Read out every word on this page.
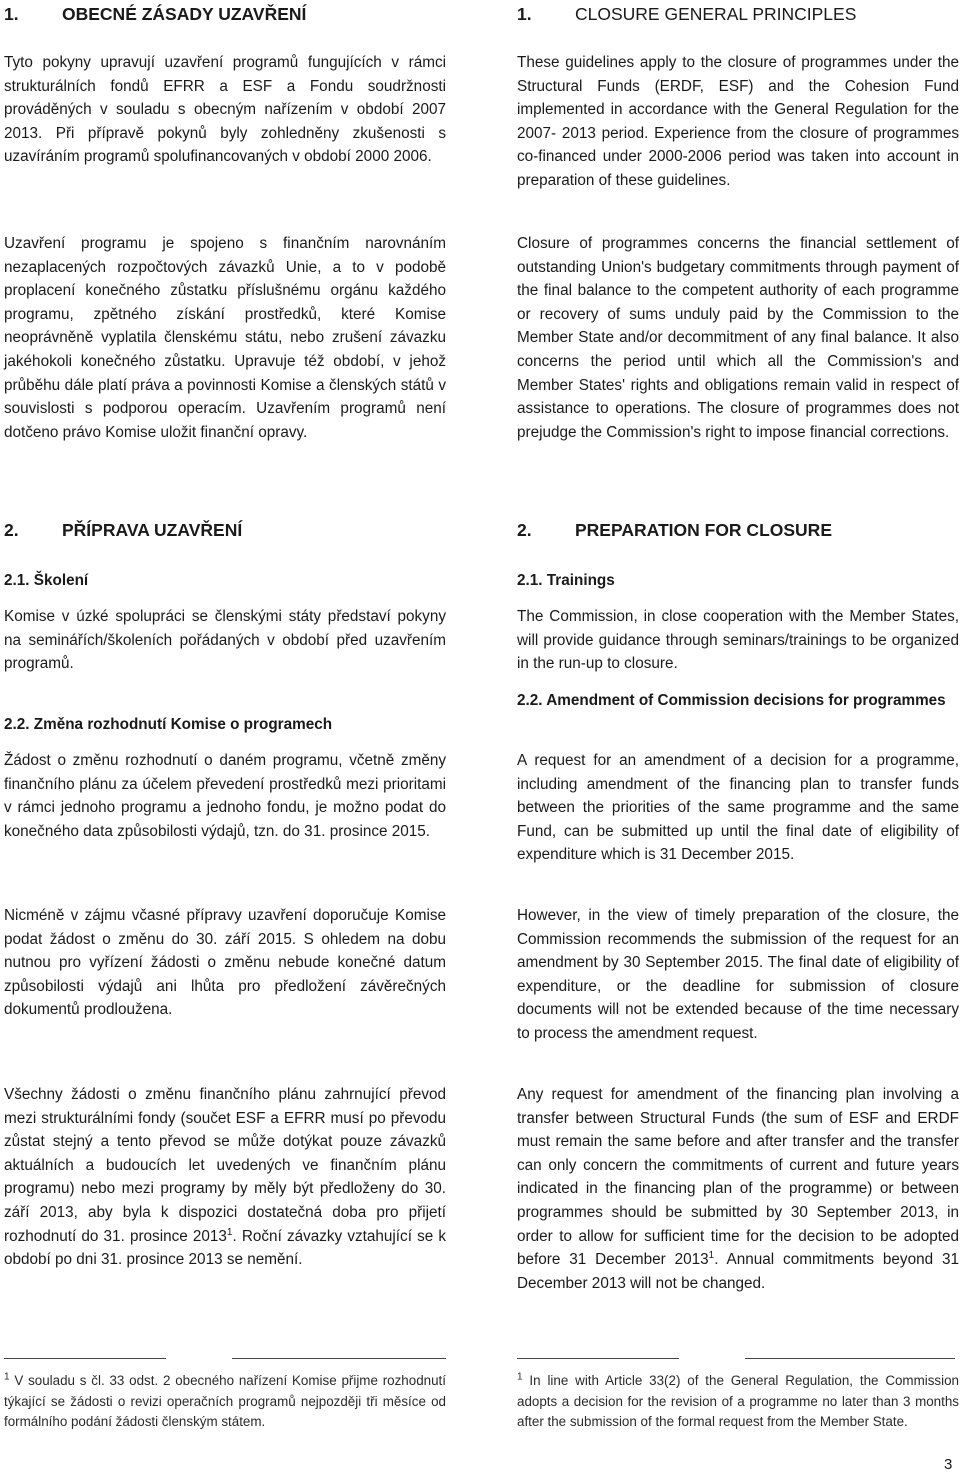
1.	OBECNÉ ZÁSADY UZAVŘENÍ

Tyto pokyny upravují uzavření programů fungujících v rámci strukturálních fondů EFRR a ESF a Fondu soudržnosti prováděných v souladu s obecným nařízením v období 2007 2013. Při přípravě pokynů byly zohledněny zkušenosti s uzavíráním programů spolufinancovaných v období 2000 2006.

Uzavření programu je spojeno s finančním narovnáním nezaplacených rozpočtových závazků Unie, a to v podobě proplacení konečného zůstatku příslušnému orgánu každého programu, zpětného získání prostředků, které Komise neoprávněně vyplatila členskému státu, nebo zrušení závazku jakéhokoli konečného zůstatku. Upravuje též období, v jehož průběhu dále platí práva a povinnosti Komise a členských států v souvislosti s podporou operacím. Uzavřením programů není dotčeno právo Komise uložit finanční opravy.

2.	PŘÍPRAVA UZAVŘENÍ
2.1. Školení

Komise v úzké spolupráci se členskými státy představí pokyny na seminářích/školeních pořádaných v období před uzavřením programů.

2.2. Změna rozhodnutí Komise o programech

Žádost o změnu rozhodnutí o daném programu, včetně změny finančního plánu za účelem převedení prostředků mezi prioritami v rámci jednoho programu a jednoho fondu, je možno podat do konečného data způsobilosti výdajů, tzn. do 31. prosince 2015.

Nicméně v zájmu včasné přípravy uzavření doporučuje Komise podat žádost o změnu do 30. září 2015. S ohledem na dobu nutnou pro vyřízení žádosti o změnu nebude konečné datum způsobilosti výdajů ani lhůta pro předložení závěrečných dokumentů prodloužena.

Všechny žádosti o změnu finančního plánu zahrnující převod mezi strukturálními fondy (součet ESF a EFRR musí po převodu zůstat stejný a tento převod se může dotýkat pouze závazků aktuálních a budoucích let uvedených ve finančním plánu programu) nebo mezi programy by měly být předloženy do 30. září 2013, aby byla k dispozici dostatečná doba pro přijetí rozhodnutí do 31. prosince 2013$^1$. Roční závazky vztahující se k období po dni 31. prosince 2013 se nemění.

$^1$ V souladu s čl. 33 odst. 2 obecného nařízení Komise přijme rozhodnutí týkající se žádosti o revizi operačních programů nejpozději tři měsíce od formálního podání žádosti členským státem.

1.	CLOSURE GENERAL PRINCIPLES

These guidelines apply to the closure of programmes under the Structural Funds (ERDF, ESF) and the Cohesion Fund implemented in accordance with the General Regulation for the 2007- 2013 period. Experience from the closure of programmes co-financed under 2000-2006 period was taken into account in preparation of these guidelines.

Closure of programmes concerns the financial settlement of outstanding Union's budgetary commitments through payment of the final balance to the competent authority of each programme or recovery of sums unduly paid by the Commission to the Member State and/or decommitment of any final balance. It also concerns the period until which all the Commission's and Member States' rights and obligations remain valid in respect of assistance to operations. The closure of programmes does not prejudge the Commission's right to impose financial corrections.

2.	PREPARATION FOR CLOSURE
2.1. Trainings

The Commission, in close cooperation with the Member States, will provide guidance through seminars/trainings to be organized in the run-up to closure.

2.2. Amendment of Commission decisions for programmes

A request for an amendment of a decision for a programme, including amendment of the financing plan to transfer funds between the priorities of the same programme and the same Fund, can be submitted up until the final date of eligibility of expenditure which is 31 December 2015.

However, in the view of timely preparation of the closure, the Commission recommends the submission of the request for an amendment by 30 September 2015. The final date of eligibility of expenditure, or the deadline for submission of closure documents will not be extended because of the time necessary to process the amendment request.

Any request for amendment of the financing plan involving a transfer between Structural Funds (the sum of ESF and ERDF must remain the same before and after transfer and the transfer can only concern the commitments of current and future years indicated in the financing plan of the programme) or between programmes should be submitted by 30 September 2013, in order to allow for sufficient time for the decision to be adopted before 31 December 2013$^1$. Annual commitments beyond 31 December 2013 will not be changed.

$^1$ In line with Article 33(2) of the General Regulation, the Commission adopts a decision for the revision of a programme no later than 3 months after the submission of the formal request from the Member State.

3
